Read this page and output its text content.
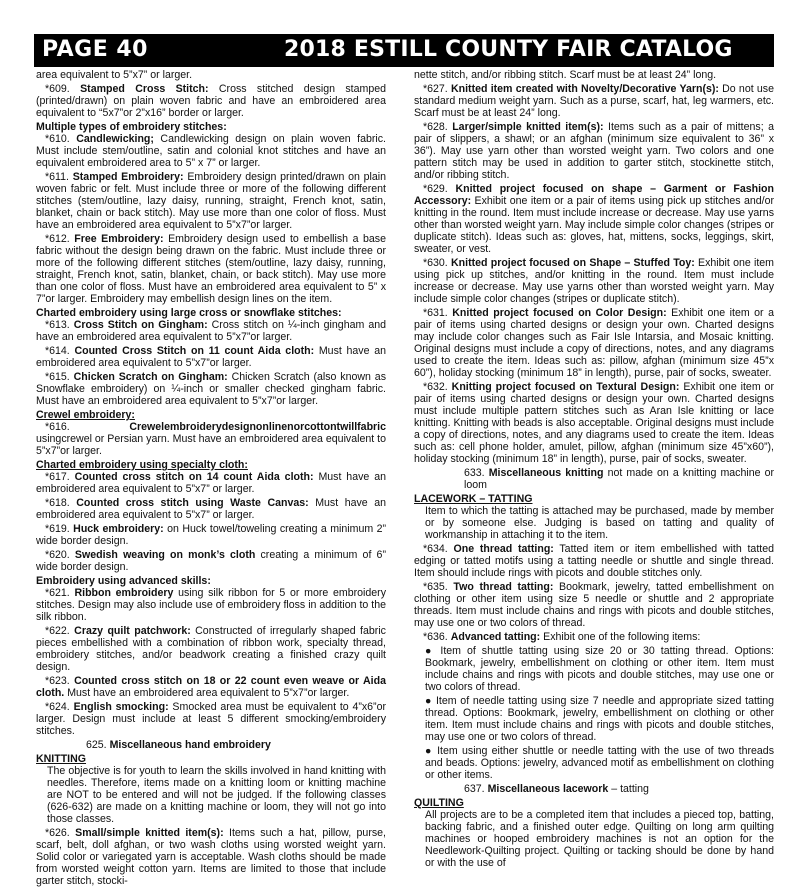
PAGE 40	2018 ESTILL COUNTY FAIR CATALOG

area equivalent to 5”x7” or larger.

*609. Stamped Cross Stitch: Cross stitched design stamped (printed/drawn) on plain woven fabric and have an embroidered area equivalent to “5x7”or 2”x16” border or larger.

Multiple types of embroidery stitches:

*610. Candlewicking; Candlewicking design on plain woven fabric. Must include stem/outline, satin and colonial knot stitches and have an equivalent embroidered area to 5” x 7” or larger.

*611. Stamped Embroidery: Embroidery design printed/drawn on plain woven fabric or felt. Must include three or more of the following different stitches (stem/outline, lazy daisy, running, straight, French knot, satin, blanket, chain or back stitch). May use more than one color of floss. Must have an embroidered area equivalent to 5”x7”or larger.

*612. Free Embroidery: Embroidery design used to embellish a base fabric without the design being drawn on the fabric. Must include three or more of the following different stitches (stem/outline, lazy daisy, running, straight, French knot, satin, blanket, chain, or back stitch). May use more than one color of floss. Must have an embroidered area equivalent to 5” x 7”or larger. Embroidery may embellish design lines on the item.

Charted embroidery using large cross or snowflake stitches:

*613. Cross Stitch on Gingham: Cross stitch on ¼-inch gingham and have an embroidered area equivalent to 5”x7”or larger.

*614. Counted Cross Stitch on 11 count Aida cloth: Must have an embroidered area equivalent to 5”x7”or larger.

*615. Chicken Scratch on Gingham: Chicken Scratch (also known as Snowflake embroidery) on ¼-inch or smaller checked gingham fabric. Must have an embroidered area equivalent to 5”x7”or larger.

Crewel embroidery:

*616.	Crewelembroiderydesignonlinenorcottontwillfabric usingcrewel or Persian yarn. Must have an embroidered area equivalent to 5”x7”or larger.

Charted embroidery using specialty cloth:

*617. Counted cross stitch on 14 count Aida cloth: Must have an embroidered area equivalent to 5”x7” or larger.

*618. Counted cross stitch using Waste Canvas: Must have an embroidered area equivalent to 5”x7” or larger.

*619. Huck embroidery: on Huck towel/toweling creating a minimum 2” wide border design.

*620. Swedish weaving on monk’s cloth creating a minimum of 6” wide border design.

Embroidery using advanced skills:

*621. Ribbon embroidery using silk ribbon for 5 or more embroidery stitches. Design may also include use of embroidery floss in addition to the silk ribbon.

*622. Crazy quilt patchwork: Constructed of irregularly shaped fabric pieces embellished with a combination of ribbon work, specialty thread, embroidery stitches, and/or beadwork creating a finished crazy quilt design.

*623. Counted cross stitch on 18 or 22 count even weave or Aida cloth. Must have an embroidered area equivalent to 5”x7”or larger.

*624. English smocking: Smocked area must be equivalent to 4”x6”or larger. Design must include at least 5 different smocking/embroidery stitches.

625. Miscellaneous hand embroidery

KNITTING

The objective is for youth to learn the skills involved in hand knitting with needles. Therefore, items made on a knitting loom or knitting machine are NOT to be entered and will not be judged. If the following classes (626-632) are made on a knitting machine or loom, they will not go into those classes.

*626. Small/simple knitted item(s): Items such a hat, pillow, purse, scarf, belt, doll afghan, or two wash cloths using worsted weight yarn. Solid color or variegated yarn is acceptable. Wash cloths should be made from worsted weight cotton yarn. Items are limited to those that include garter stitch, stocki-

nette stitch, and/or ribbing stitch. Scarf must be at least 24” long.

*627. Knitted item created with Novelty/Decorative Yarn(s): Do not use standard medium weight yarn. Such as a purse, scarf, hat, leg warmers, etc. Scarf must be at least 24” long.

*628. Larger/simple knitted item(s): Items such as a pair of mittens; a pair of slippers, a shawl; or an afghan (minimum size equivalent to 36” x 36”). May use yarn other than worsted weight yarn. Two colors and one pattern stitch may be used in addition to garter stitch, stockinette stitch, and/or ribbing stitch.

*629. Knitted project focused on shape – Garment or Fashion Accessory: Exhibit one item or a pair of items using pick up stitches and/or knitting in the round. Item must include increase or decrease. May use yarns other than worsted weight yarn. May include simple color changes (stripes or duplicate stitch). Ideas such as: gloves, hat, mittens, socks, leggings, skirt, sweater, or vest.

*630. Knitted project focused on Shape – Stuffed Toy: Exhibit one item using pick up stitches, and/or knitting in the round. Item must include increase or decrease. May use yarns other than worsted weight yarn. May include simple color changes (stripes or duplicate stitch).

*631. Knitted project focused on Color Design: Exhibit one item or a pair of items using charted designs or design your own. Charted designs may include color changes such as Fair Isle Intarsia, and Mosaic knitting. Original designs must include a copy of directions, notes, and any diagrams used to create the item. Ideas such as: pillow, afghan (minimum size 45”x 60”), holiday stocking (minimum 18” in length), purse, pair of socks, sweater.

*632. Knitting project focused on Textural Design: Exhibit one item or pair of items using charted designs or design your own. Charted designs must include multiple pattern stitches such as Aran Isle knitting or lace knitting. Knitting with beads is also acceptable. Original designs must include a copy of directions, notes, and any diagrams used to create the item. Ideas such as: cell phone holder, amulet, pillow, afghan (minimum size 45”x60”), holiday stocking (minimum 18” in length), purse, pair of socks, sweater.

633. Miscellaneous knitting not made on a knitting machine or loom

LACEWORK – TATTING

Item to which the tatting is attached may be purchased, made by member or by someone else. Judging is based on tatting and quality of workmanship in attaching it to the item.

*634. One thread tatting: Tatted item or item embellished with tatted edging or tatted motifs using a tatting needle or shuttle and single thread. Item should include rings with picots and double stitches only.

*635. Two thread tatting: Bookmark, jewelry, tatted embellishment on clothing or other item using size 5 needle or shuttle and 2 appropriate threads. Item must include chains and rings with picots and double stitches, may use one or two colors of thread.

*636. Advanced tatting: Exhibit one of the following items:

● Item of shuttle tatting using size 20 or 30 tatting thread. Options: Bookmark, jewelry, embellishment on clothing or other item. Item must include chains and rings with picots and double stitches, may use one or two colors of thread.

● Item of needle tatting using size 7 needle and appropriate sized tatting thread. Options: Bookmark, jewelry, embellishment on clothing or other item. Item must include chains and rings with picots and double stitches, may use one or two colors of thread.

● Item using either shuttle or needle tatting with the use of two threads and beads. Options: jewelry, advanced motif as embellishment on clothing or other items.

637. Miscellaneous lacework – tatting

QUILTING

All projects are to be a completed item that includes a pieced top, batting, backing fabric, and a finished outer edge. Quilting on long arm quilting machines or hooped embroidery machines is not an option for the Needlework-Quilting project. Quilting or tacking should be done by hand or with the use of
